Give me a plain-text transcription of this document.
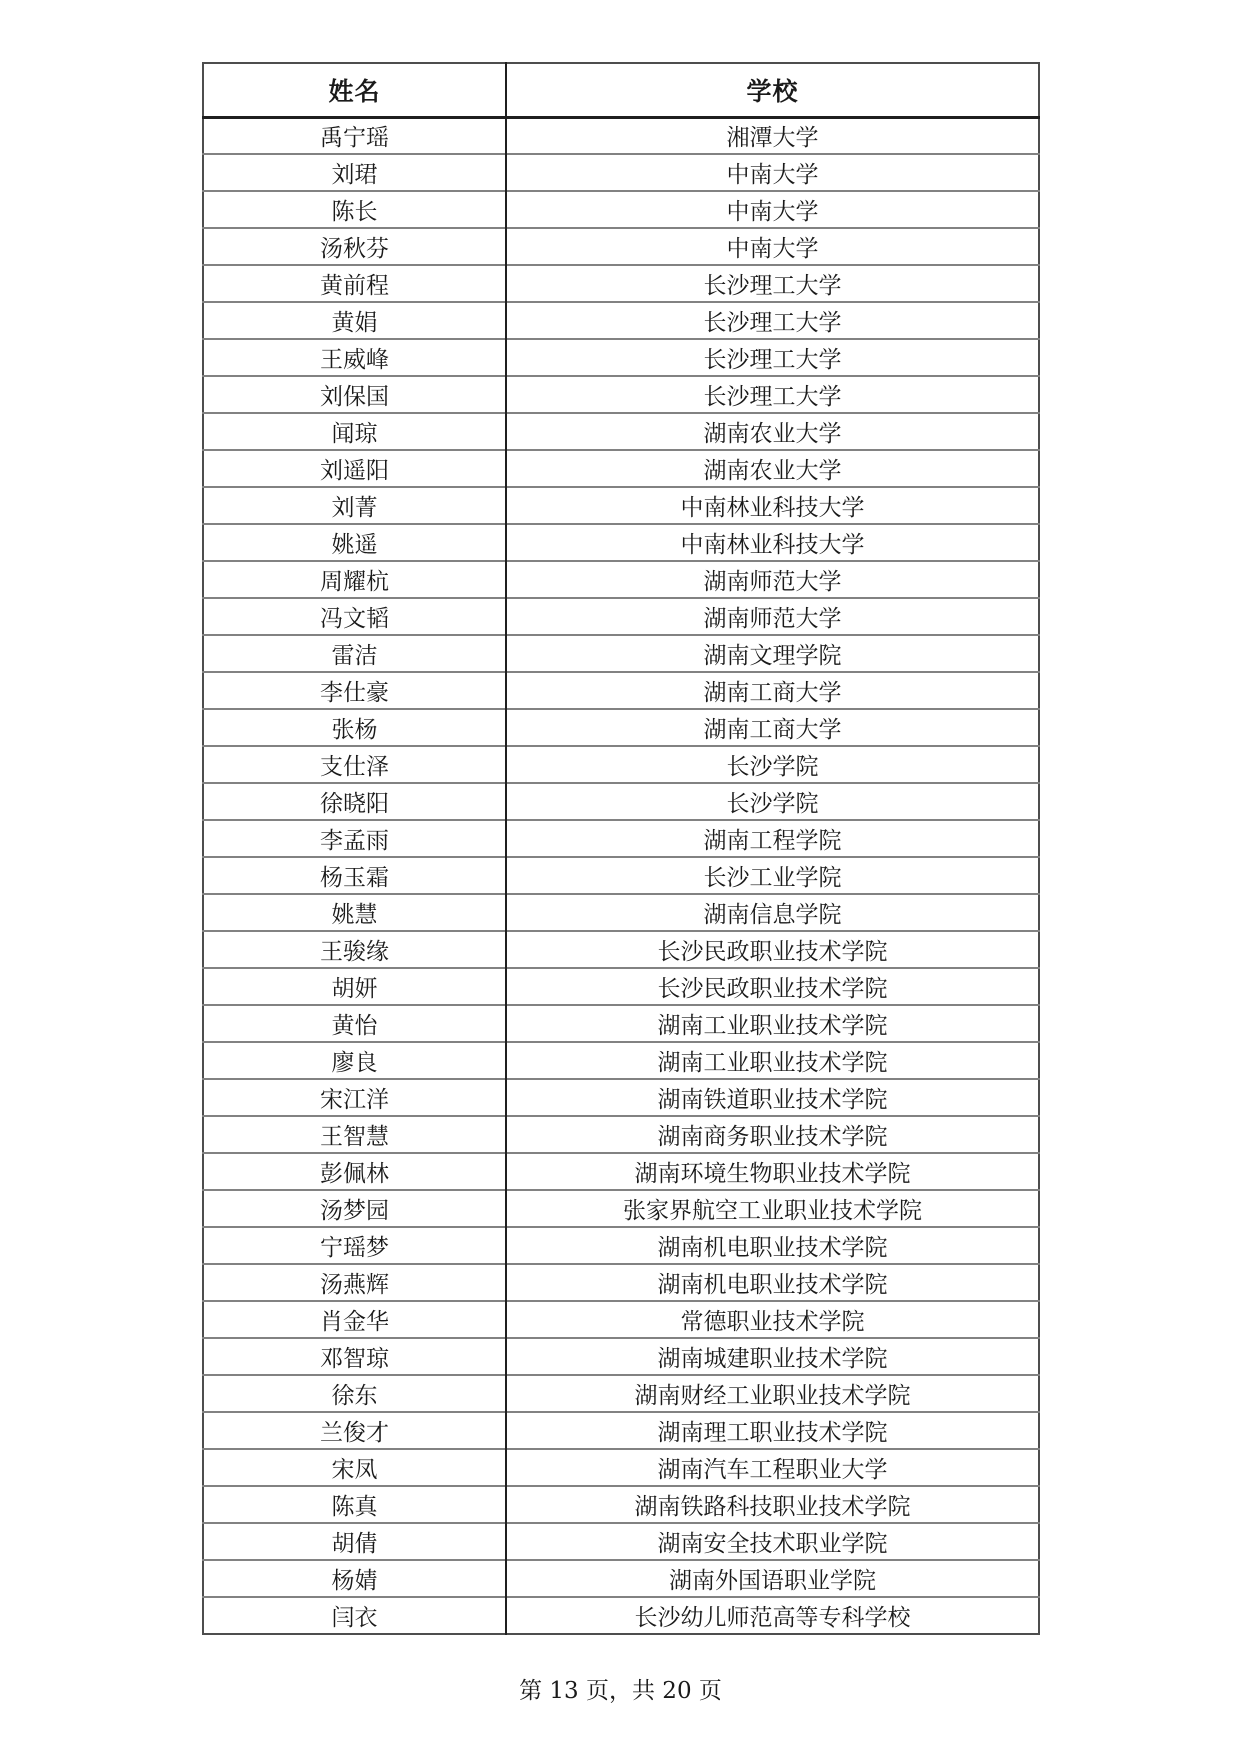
姓名	学校
禹宁瑶	湘潭大学
刘珺	中南大学
陈长	中南大学
汤秋芬	中南大学
黄前程	长沙理工大学
黄娟	长沙理工大学
王威峰	长沙理工大学
刘保国	长沙理工大学
闻琼	湖南农业大学
刘遥阳	湖南农业大学
刘菁	中南林业科技大学
姚遥	中南林业科技大学
周耀杭	湖南师范大学
冯文韬	湖南师范大学
雷洁	湖南文理学院
李仕豪	湖南工商大学
张杨	湖南工商大学
支仕泽	长沙学院
徐晓阳	长沙学院
李孟雨	湖南工程学院
杨玉霜	长沙工业学院
姚慧	湖南信息学院
王骏缘	长沙民政职业技术学院
胡妍	长沙民政职业技术学院
黄怡	湖南工业职业技术学院
廖良	湖南工业职业技术学院
宋江洋	湖南铁道职业技术学院
王智慧	湖南商务职业技术学院
彭佩林	湖南环境生物职业技术学院
汤梦园	张家界航空工业职业技术学院
宁瑶梦	湖南机电职业技术学院
汤燕辉	湖南机电职业技术学院
肖金华	常德职业技术学院
邓智琼	湖南城建职业技术学院
徐东	湖南财经工业职业技术学院
兰俊才	湖南理工职业技术学院
宋凤	湖南汽车工程职业大学
陈真	湖南铁路科技职业技术学院
胡倩	湖南安全技术职业学院
杨婧	湖南外国语职业学院
闫衣	长沙幼儿师范高等专科学校
第 13 页，共 20 页
